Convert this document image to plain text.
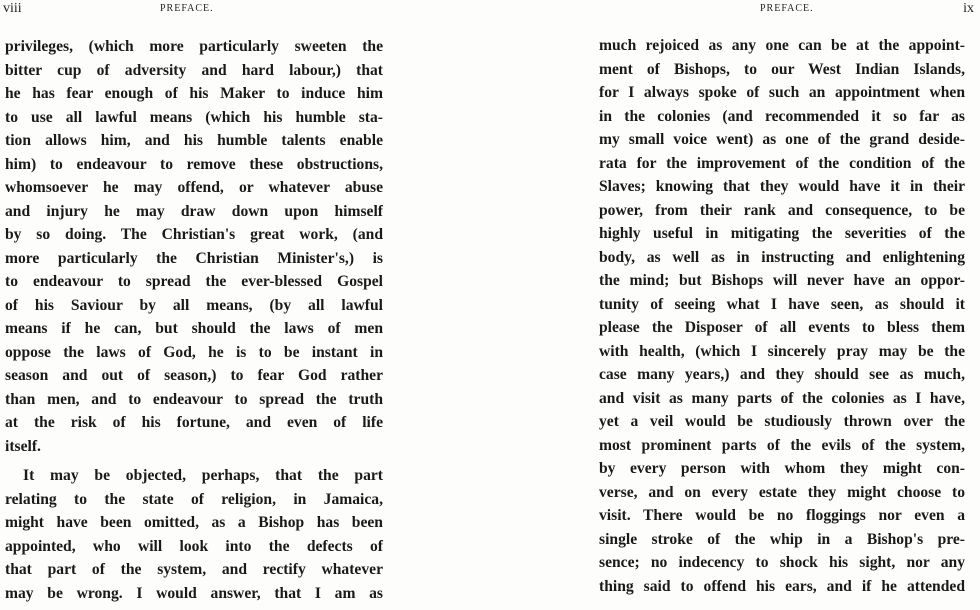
viii	PREFACE.
privileges, (which more particularly sweeten the
bitter cup of adversity and hard labour,) that
he has fear enough of his Maker to induce him
to use all lawful means (which his humble sta-
tion allows him, and his humble talents enable
him) to endeavour to remove these obstructions,
whomsoever he may offend, or whatever abuse
and injury he may draw down upon himself
by so doing. The Christian's great work, (and
more particularly the Christian Minister's,) is
to endeavour to spread the ever-blessed Gospel
of his Saviour by all means, (by all lawful
means if he can, but should the laws of men
oppose the laws of God, he is to be instant in
season and out of season,) to fear God rather
than men, and to endeavour to spread the truth
at the risk of his fortune, and even of life
itself.
It may be objected, perhaps, that the part
relating to the state of religion, in Jamaica,
might have been omitted, as a Bishop has been
appointed, who will look into the defects of
that part of the system, and rectify whatever
may be wrong. I would answer, that I am as
PREFACE.	ix
much rejoiced as any one can be at the appoint-
ment of Bishops, to our West Indian Islands,
for I always spoke of such an appointment when
in the colonies (and recommended it so far as
my small voice went) as one of the grand deside-
rata for the improvement of the condition of the
Slaves; knowing that they would have it in their
power, from their rank and consequence, to be
highly useful in mitigating the severities of the
body, as well as in instructing and enlightening
the mind; but Bishops will never have an oppor-
tunity of seeing what I have seen, as should it
please the Disposer of all events to bless them
with health, (which I sincerely pray may be the
case many years,) and they should see as much,
and visit as many parts of the colonies as I have,
yet a veil would be studiously thrown over the
most prominent parts of the evils of the system,
by every person with whom they might con-
verse, and on every estate they might choose to
visit. There would be no floggings nor even a
single stroke of the whip in a Bishop's pre-
sence; no indecency to shock his sight, nor any
thing said to offend his ears, and if he attended
